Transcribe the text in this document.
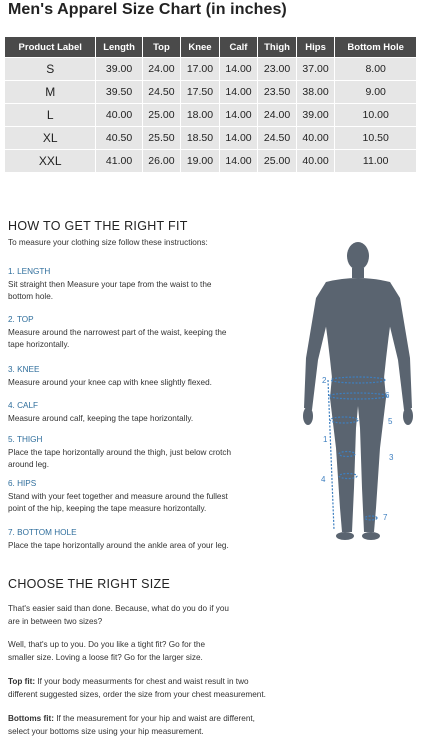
Men's Apparel Size Chart (in inches)
Product Label	Length	Top	Knee	Calf	Thigh	Hips	Bottom Hole
S	39.00	24.00	17.00	14.00	23.00	37.00	8.00
M	39.50	24.50	17.50	14.00	23.50	38.00	9.00
L	40.00	25.00	18.00	14.00	24.00	39.00	10.00
XL	40.50	25.50	18.50	14.00	24.50	40.00	10.50
XXL	41.00	26.00	19.00	14.00	25.00	40.00	11.00
HOW TO GET THE RIGHT FIT
To measure your clothing size follow these instructions:
1. LENGTH
Sit straight then Measure your tape from the waist to the
bottom hole.
2. TOP
Measure around the narrowest part of the waist, keeping the
tape horizontally.
3. KNEE
Measure around your knee cap with knee slightly flexed.
4. CALF
Measure around calf, keeping the tape horizontally.
5. THIGH
Place the tape horizontally around the thigh, just below crotch
around leg.
6. HIPS
Stand with your feet together and measure around the fullest
point of the hip, keeping the tape measure horizontally.
7. BOTTOM HOLE
Place the tape horizontally around the ankle area of your leg.
2
6
5
1
3
4
7
CHOOSE THE RIGHT SIZE
That's easier said than done. Because, what do you do if you
are in between two sizes?
Well, that's up to you. Do you like a tight fit? Go for the
smaller size. Loving a loose fit? Go for the larger size.
Top fit: If your body measurments for chest and waist result in two
different suggested sizes, order the size from your chest measurement.
Bottoms fit: If the measurement for your hip and waist are different,
select your bottoms size using your hip measurement.
